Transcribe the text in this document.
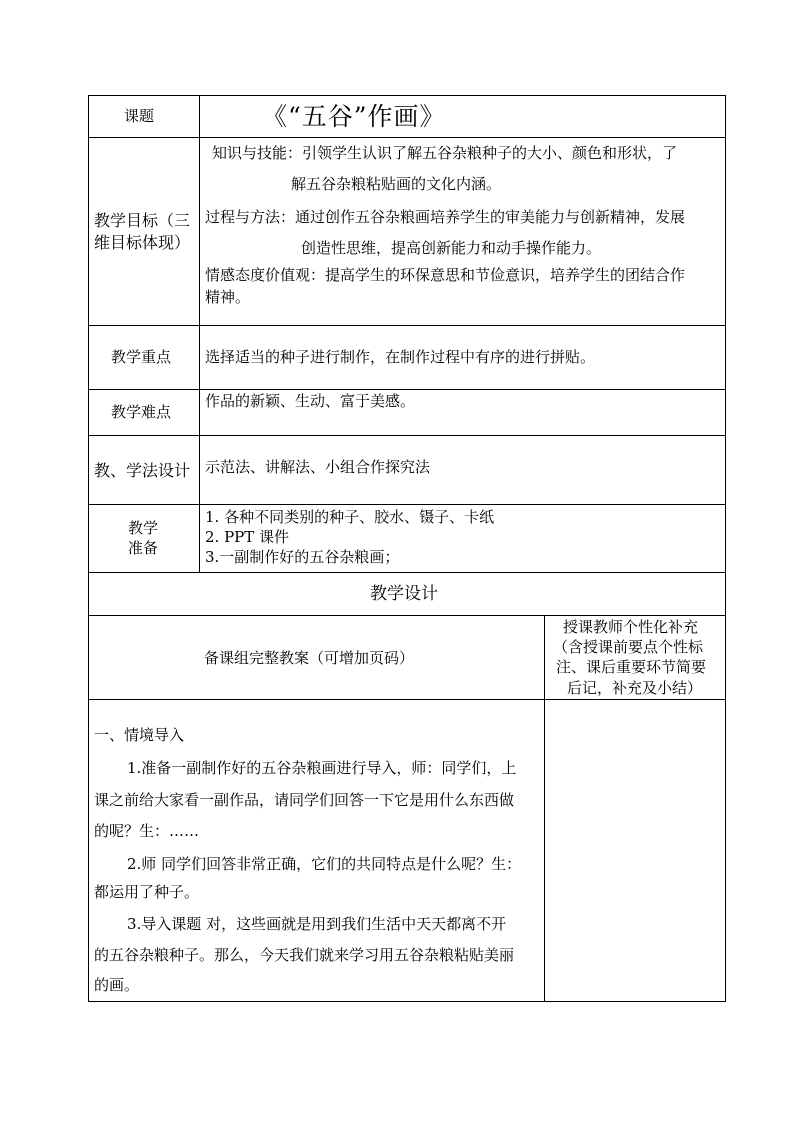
课题	《“五谷”作画》
教学目标（三
维目标体现）
知识与技能：引领学生认识了解五谷杂粮种子的大小、颜色和形状，了
解五谷杂粮粘贴画的文化内涵。
过程与方法：通过创作五谷杂粮画培养学生的审美能力与创新精神，发展
创造性思维，提高创新能力和动手操作能力。
情感态度价值观：提高学生的环保意思和节俭意识，培养学生的团结合作
精神。
教学重点 选择适当的种子进行制作，在制作过程中有序的进行拼贴。
教学难点
作品的新颖、生动、富于美感。
教、学法设计 示范法、讲解法、小组合作探究法
教学
准备
1. 各种不同类别的种子、胶水、镊子、卡纸
2. PPT 课件
3.一副制作好的五谷杂粮画；
教学设计
备课组完整教案（可增加页码）
授课教师个性化补充
（含授课前要点个性标
注、课后重要环节简要
后记，补充及小结）
一、情境导入
1.准备一副制作好的五谷杂粮画进行导入，师：同学们，上
课之前给大家看一副作品，请同学们回答一下它是用什么东西做
的呢？生：……
2.师 同学们回答非常正确，它们的共同特点是什么呢？生：
都运用了种子。
3.导入课题 对，这些画就是用到我们生活中天天都离不开
的五谷杂粮种子。那么，今天我们就来学习用五谷杂粮粘贴美丽
的画。
